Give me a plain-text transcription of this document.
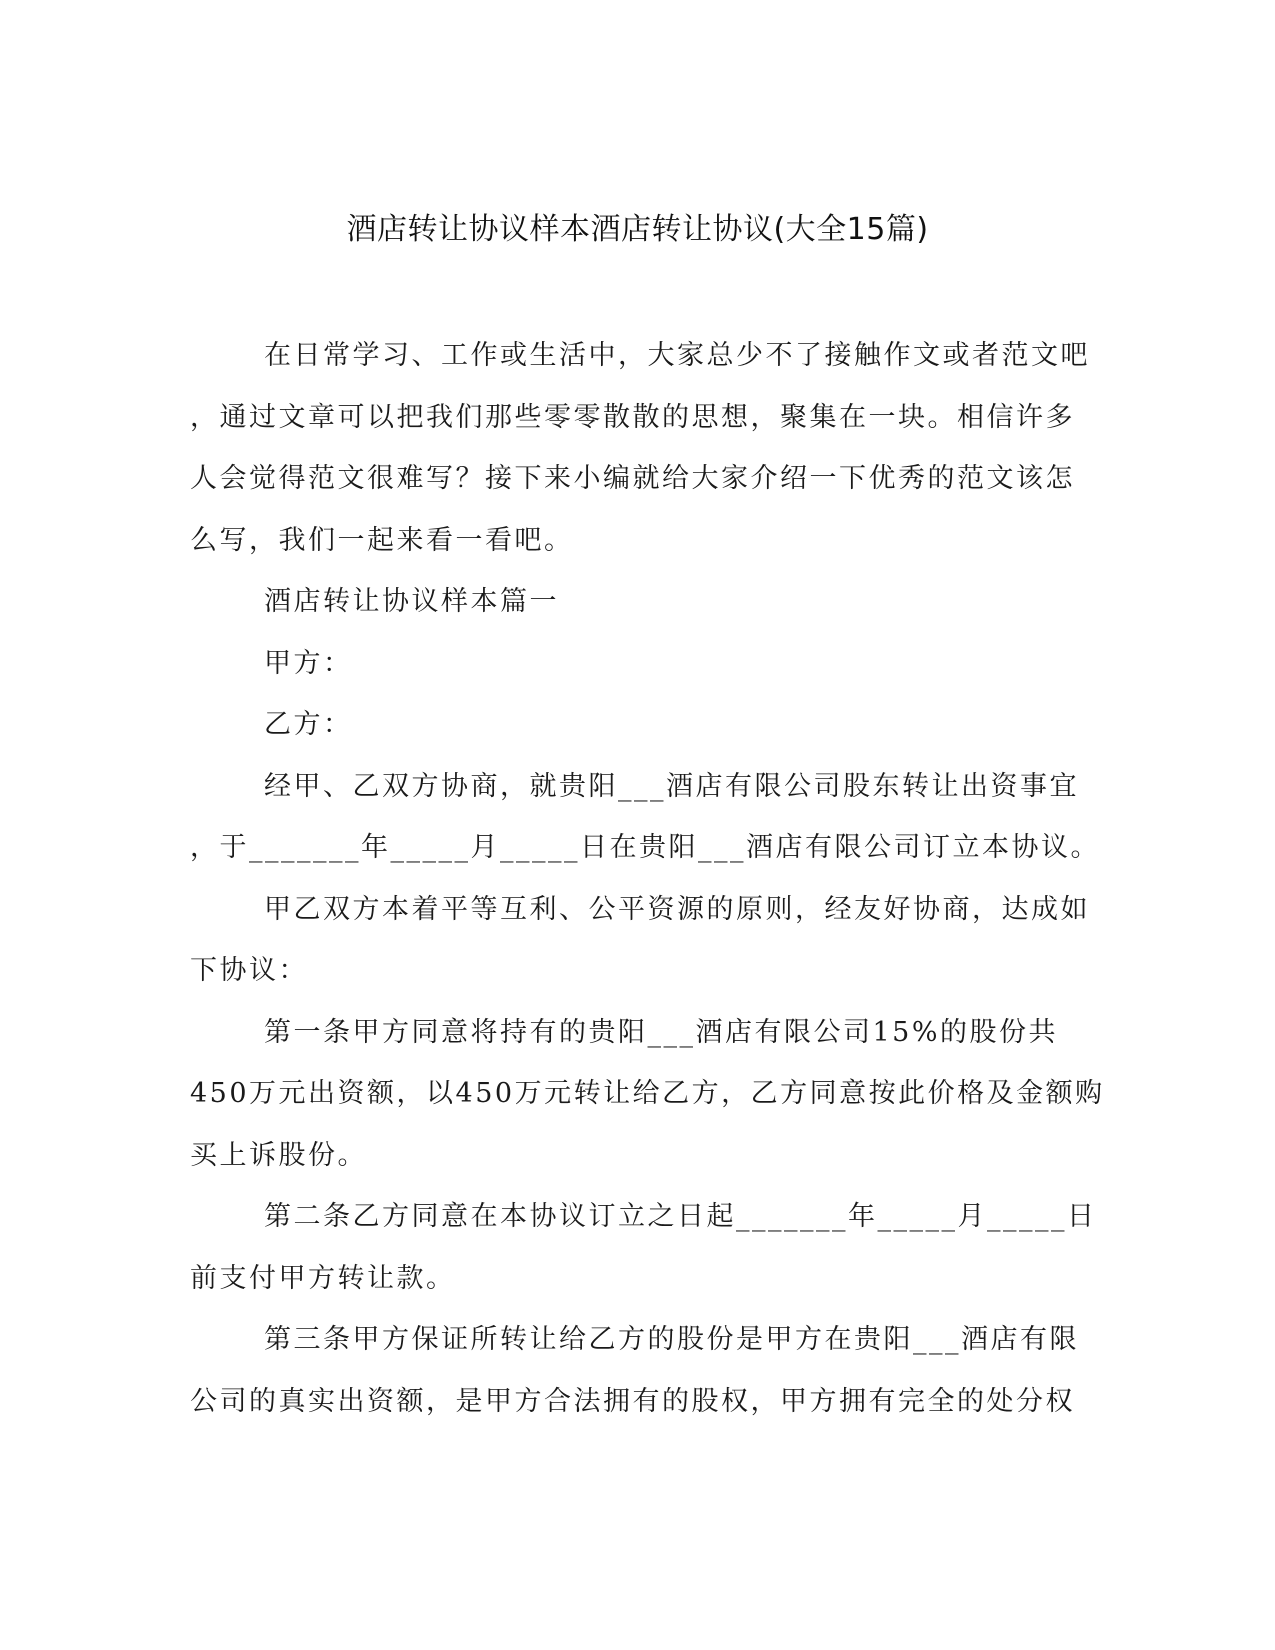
酒店转让协议样本酒店转让协议(大全15篇)
在日常学习、工作或生活中，大家总少不了接触作文或者范文吧
，通过文章可以把我们那些零零散散的思想，聚集在一块。相信许多
人会觉得范文很难写？接下来小编就给大家介绍一下优秀的范文该怎
么写，我们一起来看一看吧。
酒店转让协议样本篇一
甲方：
乙方：
经甲、乙双方协商，就贵阳___酒店有限公司股东转让出资事宜
，于_______年_____月_____日在贵阳___酒店有限公司订立本协议。
甲乙双方本着平等互利、公平资源的原则，经友好协商，达成如
下协议：
第一条甲方同意将持有的贵阳___酒店有限公司15%的股份共
450万元出资额，以450万元转让给乙方，乙方同意按此价格及金额购
买上诉股份。
第二条乙方同意在本协议订立之日起_______年_____月_____日
前支付甲方转让款。
第三条甲方保证所转让给乙方的股份是甲方在贵阳___酒店有限
公司的真实出资额，是甲方合法拥有的股权，甲方拥有完全的处分权
